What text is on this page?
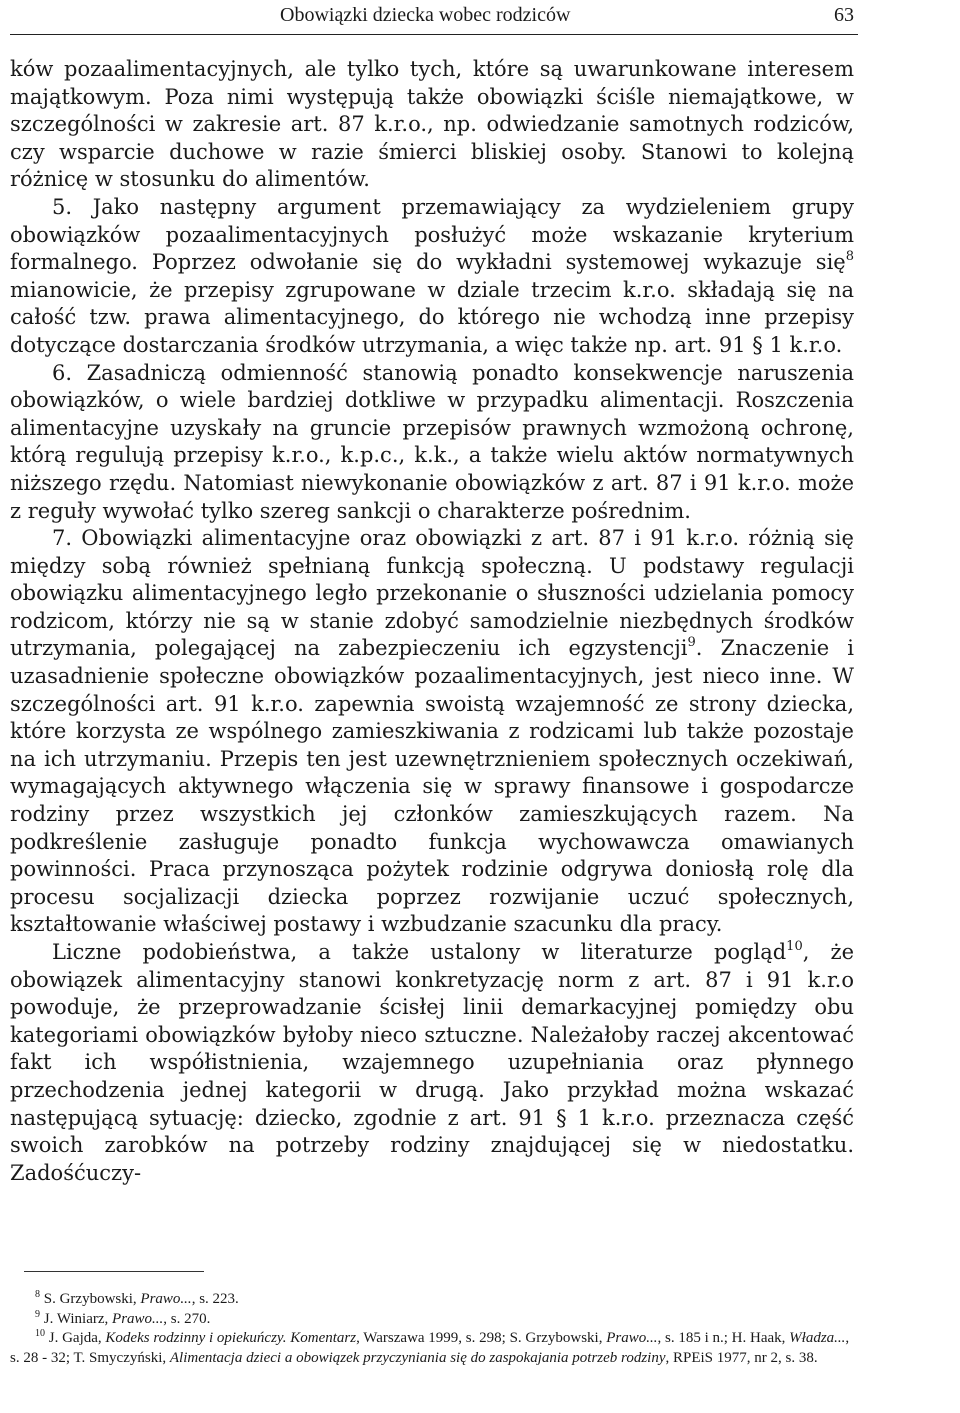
Obowiązki dziecka wobec rodziców	63

ków pozaalimentacyjnych, ale tylko tych, które są uwarunkowane interesem majątkowym. Poza nimi występują także obowiązki ściśle niemajątkowe, w szczególności w zakresie art. 87 k.r.o., np. odwiedzanie samotnych rodziców, czy wsparcie duchowe w razie śmierci bliskiej osoby. Stanowi to kolejną różnicę w stosunku do alimentów.

5. Jako następny argument przemawiający za wydzieleniem grupy obowiązków pozaalimentacyjnych posłużyć może wskazanie kryterium formalnego. Poprzez odwołanie się do wykładni systemowej wykazuje się$^8$ mianowicie, że przepisy zgrupowane w dziale trzecim k.r.o. składają się na całość tzw. prawa alimentacyjnego, do którego nie wchodzą inne przepisy dotyczące dostarczania środków utrzymania, a więc także np. art. 91 § 1 k.r.o.

6. Zasadniczą odmienność stanowią ponadto konsekwencje naruszenia obowiązków, o wiele bardziej dotkliwe w przypadku alimentacji. Roszczenia alimentacyjne uzyskały na gruncie przepisów prawnych wzmożoną ochronę, którą regulują przepisy k.r.o., k.p.c., k.k., a także wielu aktów normatywnych niższego rzędu. Natomiast niewykonanie obowiązków z art. 87 i 91 k.r.o. może z reguły wywołać tylko szereg sankcji o charakterze pośrednim.

7. Obowiązki alimentacyjne oraz obowiązki z art. 87 i 91 k.r.o. różnią się między sobą również spełnianą funkcją społeczną. U podstawy regulacji obowiązku alimentacyjnego legło przekonanie o słuszności udzielania pomocy rodzicom, którzy nie są w stanie zdobyć samodzielnie niezbędnych środków utrzymania, polegającej na zabezpieczeniu ich egzystencji$^9$. Znaczenie i uzasadnienie społeczne obowiązków pozaalimentacyjnych, jest nieco inne. W szczególności art. 91 k.r.o. zapewnia swoistą wzajemność ze strony dziecka, które korzysta ze wspólnego zamieszkiwania z rodzicami lub także pozostaje na ich utrzymaniu. Przepis ten jest uzewnętrznieniem społecznych oczekiwań, wymagających aktywnego włączenia się w sprawy finansowe i gospodarcze rodziny przez wszystkich jej członków zamieszkujących razem. Na podkreślenie zasługuje ponadto funkcja wychowawcza omawianych powinności. Praca przynosząca pożytek rodzinie odgrywa doniosłą rolę dla procesu socjalizacji dziecka poprzez rozwijanie uczuć społecznych, kształtowanie właściwej postawy i wzbudzanie szacunku dla pracy.

Liczne podobieństwa, a także ustalony w literaturze pogląd$^{10}$, że obowiązek alimentacyjny stanowi konkretyzację norm z art. 87 i 91 k.r.o powoduje, że przeprowadzanie ścisłej linii demarkacyjnej pomiędzy obu kategoriami obowiązków byłoby nieco sztuczne. Należałoby raczej akcentować fakt ich współistnienia, wzajemnego uzupełniania oraz płynnego przechodzenia jednej kategorii w drugą. Jako przykład można wskazać następującą sytuację: dziecko, zgodnie z art. 91 § 1 k.r.o. przeznacza część swoich zarobków na potrzeby rodziny znajdującej się w niedostatku. Zadośćuczy-

$^8$ S. Grzybowski, Prawo..., s. 223.

$^9$ J. Winiarz, Prawo..., s. 270.

$^{10}$ J. Gajda, Kodeks rodzinny i opiekuńczy. Komentarz, Warszawa 1999, s. 298; S. Grzybowski, Prawo..., s. 185 i n.; H. Haak, Władza..., s. 28 - 32; T. Smyczyński, Alimentacja dzieci a obowiązek przyczyniania się do zaspokajania potrzeb rodziny, RPEiS 1977, nr 2, s. 38.
